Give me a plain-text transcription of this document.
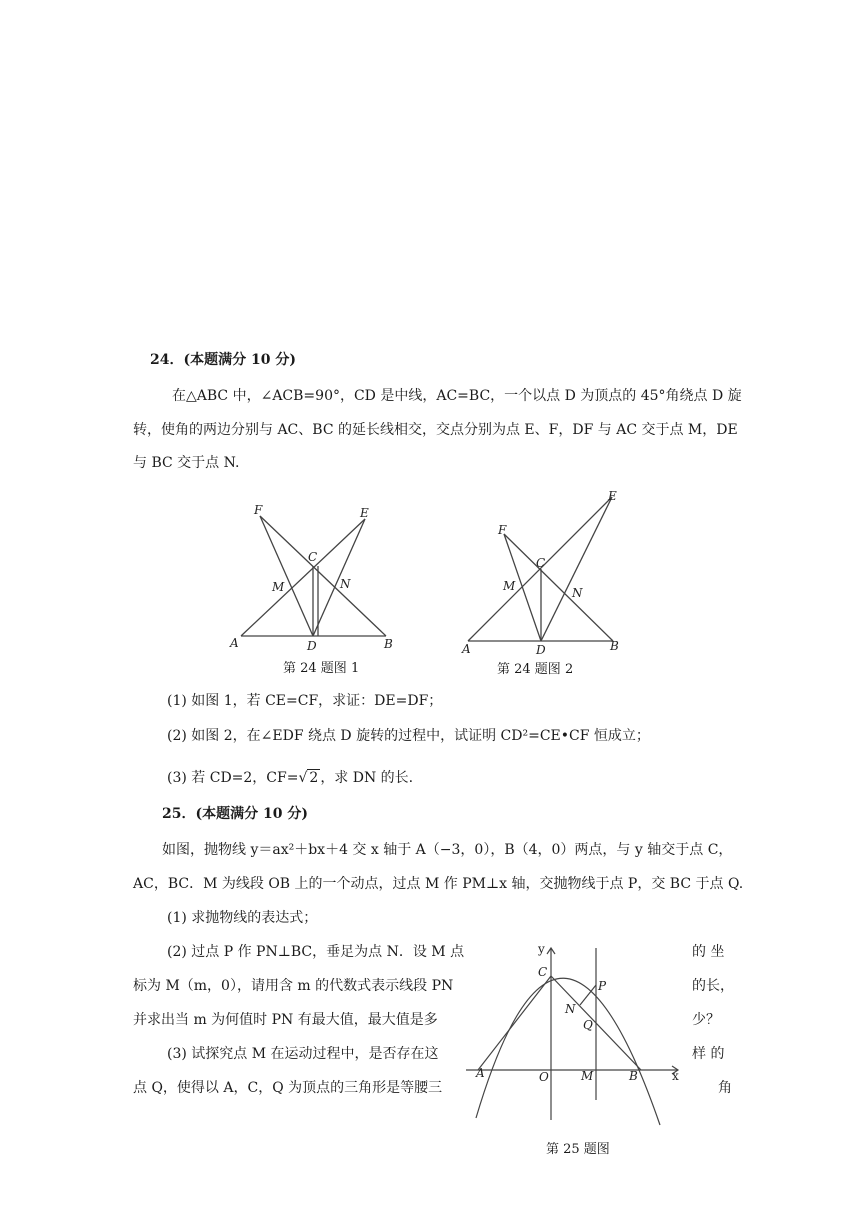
24．(本题满分 10 分)
在△ABC 中，∠ACB=90°，CD 是中线，AC=BC，一个以点 D 为顶点的 45°角绕点 D 旋
转，使角的两边分别与 AC、BC 的延长线相交，交点分别为点 E、F，DF 与 AC 交于点 M，DE
与 BC 交于点 N.
A	B
C
D
E
F
M	N
第 24 题图 1
A	B
C
D
E
F
M	N
第 24 题图 2
(1) 如图 1，若 CE=CF，求证：DE=DF；
(2) 如图 2，在∠EDF 绕点 D 旋转的过程中，试证明 CD²=CE•CF 恒成立；
(3) 若 CD=2，CF=√ 2 ，求 DN 的长.
25．(本题满分 10 分)
如图，抛物线 y＝ax²＋bx＋4 交 x 轴于 A（−3，0），B（4，0）两点，与 y 轴交于点 C，
AC，BC．M 为线段 OB 上的一个动点，过点 M 作 PM⊥x 轴，交抛物线于点 P，交 BC 于点 Q.
(1) 求抛物线的表达式；
(2) 过点 P 作 PN⊥BC，垂足为点 N．设 M 点	的 坐
标为 M（m，0），请用含 m 的代数式表示线段 PN	的长，
并求出当 m 为何值时 PN 有最大值，最大值是多	少？
(3) 试探究点 M 在运动过程中，是否存在这	样 的
点 Q，使得以 A，C，Q 为顶点的三角形是等腰三	角
y
x
O
A	B
C
M
N
P
Q
第 25 题图
